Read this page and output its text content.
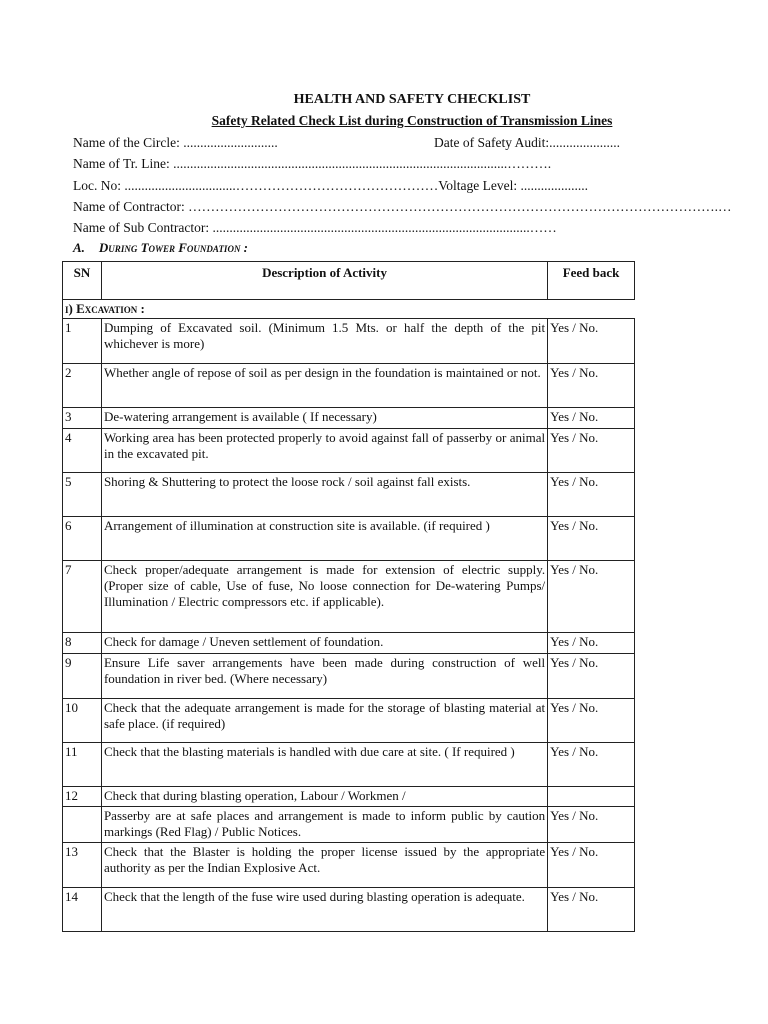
HEALTH AND SAFETY CHECKLIST
Safety Related Check List during Construction of Transmission Lines
Name of the Circle: ............................	Date of Safety Audit:.....................
Name of Tr. Line: ...................................................................................................……….
Loc. No: .................................………………………………………Voltage Level: ....................
Name of Contractor: ……………………………………………………………………………………………………….…
Name of Sub Contractor: ..............................................................................................……
A. During Tower Foundation :
SN	Description of Activity	Feed back
i) Excavation :		
1	Dumping of Excavated soil. (Minimum 1.5 Mts. or half the depth of the pit whichever is more)	Yes / No.
2	Whether angle of repose of soil as per design in the foundation is maintained or not.	Yes / No.
3	De-watering arrangement is available ( If necessary)	Yes / No.
4	Working area has been protected properly to avoid against fall of passerby or animal in the excavated pit.	Yes / No.
5	Shoring & Shuttering to protect the loose rock / soil against fall exists.	Yes / No.
6	Arrangement of illumination at construction site is available. (if required )	Yes / No.
7	Check proper/adequate arrangement is made for extension of electric supply. (Proper size of cable, Use of fuse, No loose connection for De-watering Pumps/ Illumination / Electric compressors etc. if applicable).	Yes / No.
8	Check for damage / Uneven settlement of foundation.	Yes / No.
9	Ensure Life saver arrangements have been made during construction of well foundation in river bed. (Where necessary)	Yes / No.
10	Check that the adequate arrangement is made for the storage of blasting material at safe place. (if required)	Yes / No.
11	Check that the blasting materials is handled with due care at site. ( If required )	Yes / No.
12	Check that during blasting operation, Labour / Workmen /	
	Passerby are at safe places and arrangement is made to inform public by caution markings (Red Flag) / Public Notices.	Yes / No.
13	Check that the Blaster is holding the proper license issued by the appropriate authority as per the Indian Explosive Act.	Yes / No.
14	Check that the length of the fuse wire used during blasting operation is adequate.	Yes / No.
